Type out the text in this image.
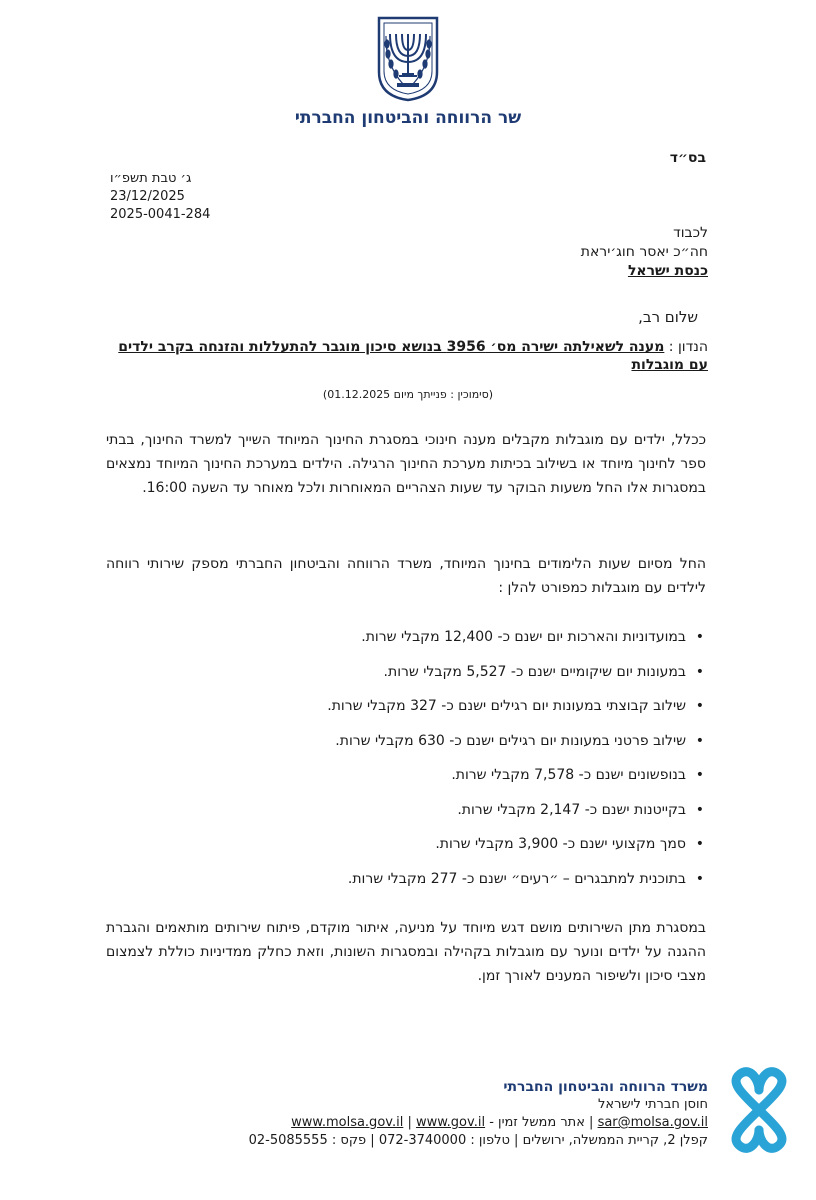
שר הרווחה והביטחון החברתי
בס״ד
ג׳ טבת תשפ״ו
23/12/2025
2025-0041-284
לכבוד
חה״כ יאסר חוג׳יראת
כנסת ישראל
שלום רב,
הנדון : מענה לשאילתה ישירה מס׳ 3956 בנושא סיכון מוגבר להתעללות והזנחה בקרב ילדים עם מוגבלות
(סימוכין : פנייתך מיום 01.12.2025)
ככלל, ילדים עם מוגבלות מקבלים מענה חינוכי במסגרת החינוך המיוחד השייך למשרד החינוך, בבתי ספר לחינוך מיוחד או בשילוב בכיתות מערכת החינוך הרגילה. הילדים במערכת החינוך המיוחד נמצאים במסגרות אלו החל משעות הבוקר עד שעות הצהריים המאוחרות ולכל מאוחר עד השעה 16:00.
החל מסיום שעות הלימודים בחינוך המיוחד, משרד הרווחה והביטחון החברתי מספק שירותי רווחה לילדים עם מוגבלות כמפורט להלן :
• במועדוניות והארכות יום ישנם כ- 12,400 מקבלי שרות.
• במעונות יום שיקומיים ישנם כ- 5,527 מקבלי שרות.
• שילוב קבוצתי במעונות יום רגילים ישנם כ- 327 מקבלי שרות.
• שילוב פרטני במעונות יום רגילים ישנם כ- 630 מקבלי שרות.
• בנופשונים ישנם כ- 7,578 מקבלי שרות.
• בקייטנות ישנם כ- 2,147 מקבלי שרות.
• סמך מקצועי ישנם כ- 3,900 מקבלי שרות.
• בתוכנית למתבגרים – ״רעים״ ישנם כ- 277 מקבלי שרות.
במסגרת מתן השירותים מושם דגש מיוחד על מניעה, איתור מוקדם, פיתוח שירותים מותאמים והגברת ההגנה על ילדים ונוער עם מוגבלות בקהילה ובמסגרות השונות, וזאת כחלק ממדיניות כוללת לצמצום מצבי סיכון ולשיפור המענים לאורך זמן.
משרד הרווחה והביטחון החברתי
חוסן חברתי לישראל
sar@molsa.gov.il | אתר ממשל זמין - www.molsa.gov.il | www.gov.il
קפלן 2, קריית הממשלה, ירושלים | טלפון : 072-3740000 | פקס : 02-5085555
